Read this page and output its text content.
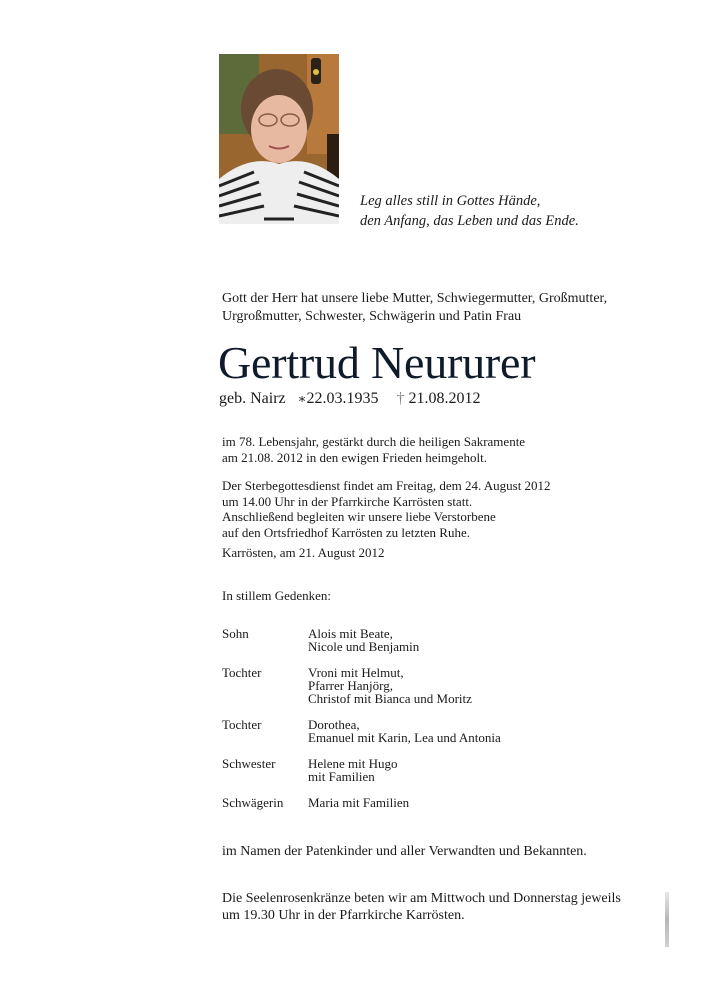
Leg alles still in Gottes Hände,
den Anfang, das Leben und das Ende.
Gott der Herr hat unsere liebe Mutter, Schwiegermutter, Großmutter,
Urgroßmutter, Schwester, Schwägerin und Patin Frau
Gertrud Neururer
geb. Nairz ∗22.03.1935 † 21.08.2012
im 78. Lebensjahr, gestärkt durch die heiligen Sakramente
am 21.08. 2012 in den ewigen Frieden heimgeholt.
Der Sterbegottesdienst findet am Freitag, dem 24. August 2012
um 14.00 Uhr in der Pfarrkirche Karrösten statt.
Anschließend begleiten wir unsere liebe Verstorbene
auf den Ortsfriedhof Karrösten zu letzten Ruhe.
Karrösten, am 21. August 2012
In stillem Gedenken:
Sohn	Alois mit Beate,
Nicole und Benjamin
Tochter	Vroni mit Helmut,
Pfarrer Hanjörg,
Christof mit Bianca und Moritz
Tochter	Dorothea,
Emanuel mit Karin, Lea und Antonia
Schwester	Helene mit Hugo
mit Familien
Schwägerin	Maria mit Familien
im Namen der Patenkinder und aller Verwandten und Bekannten.
Die Seelenrosenkränze beten wir am Mittwoch und Donnerstag jeweils
um 19.30 Uhr in der Pfarrkirche Karrösten.
